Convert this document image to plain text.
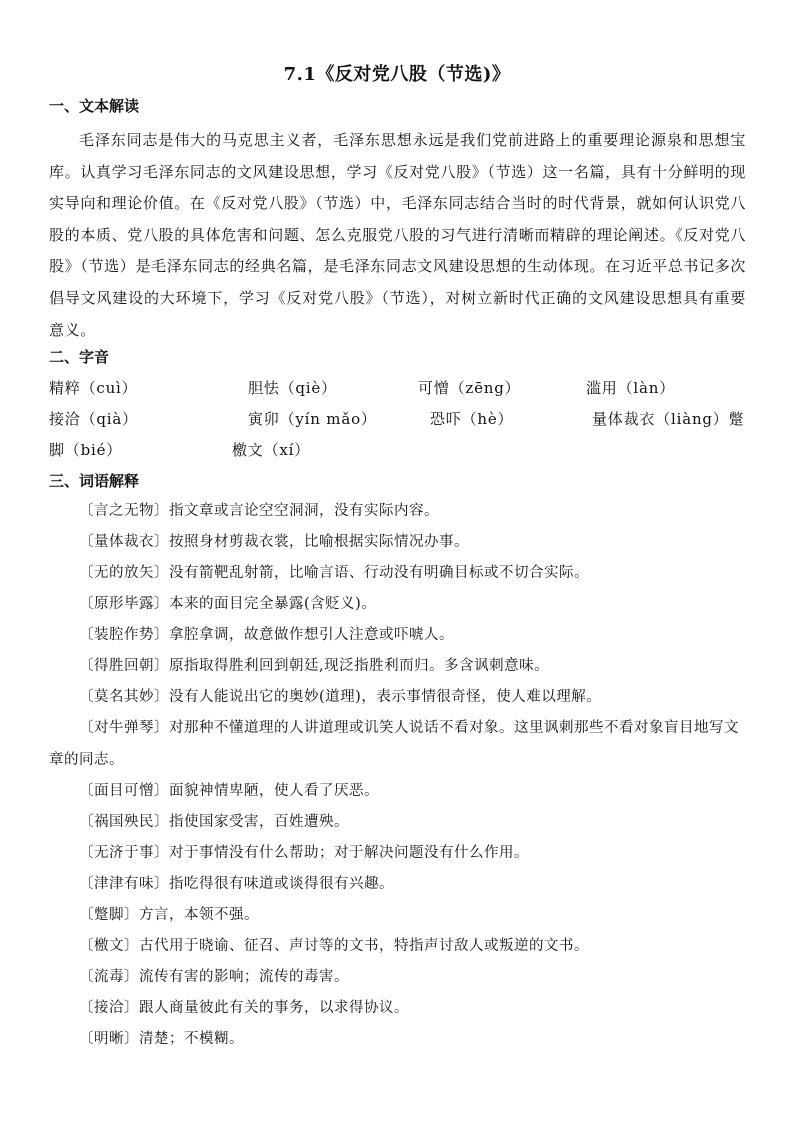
7.1《反对党八股（节选)》
一、文本解读
毛泽东同志是伟大的马克思主义者，毛泽东思想永远是我们党前进路上的重要理论源泉和思想宝库。认真学习毛泽东同志的文风建设思想，学习《反对党八股》（节选）这一名篇，具有十分鲜明的现实导向和理论价值。在《反对党八股》（节选）中，毛泽东同志结合当时的时代背景，就如何认识党八股的本质、党八股的具体危害和问题、怎么克服党八股的习气进行清晰而精辟的理论阐述。《反对党八股》（节选）是毛泽东同志的经典名篇，是毛泽东同志文风建设思想的生动体现。在习近平总书记多次倡导文风建设的大环境下，学习《反对党八股》（节选），对树立新时代正确的文风建设思想具有重要意义。
二、字音
精粹（cuì）	胆怯（qiè）	可憎（zēng）	滥用（làn）
接洽（qià）	寅卯（yín mǎo）	恐吓（hè）	量体裁衣（liàng）蹩
脚（bié）	檄文（xí）
三、词语解释
〔 言之无物 〕 指文章或言论空空洞洞，没有实际内容。
〔 量体裁衣 〕 按照身材剪裁衣裳，比喻根据实际情况办事。
〔 无的放矢 〕 没有箭靶乱射箭，比喻言语、行动没有明确目标或不切合实际。
〔 原形毕露 〕 本来的面目完全暴露(含贬义)。
〔 装腔作势 〕 拿腔拿调，故意做作想引人注意或吓唬人。
〔 得胜回朝 〕 原指取得胜利回到朝廷,现泛指胜利而归。多含讽刺意味。
〔 莫名其妙 〕 没有人能说出它的奥妙(道理)，表示事情很奇怪，使人难以理解。
〔 对牛弹琴 〕 对那种不懂道理的人讲道理或讥笑人说话不看对象。这里讽刺那些不看对象盲目地写文章的同志。
〔 面目可憎 〕 面貌神情卑陋，使人看了厌恶。
〔 祸国殃民 〕 指使国家受害，百姓遭殃。
〔 无济于事 〕 对于事情没有什么帮助；对于解决问题没有什么作用。
〔 津津有味 〕 指吃得很有味道或谈得很有兴趣。
〔 蹩脚 〕 方言，本领不强。
〔 檄文 〕 古代用于晓谕、征召、声讨等的文书，特指声讨敌人或叛逆的文书。
〔 流毒 〕 流传有害的影响；流传的毒害。
〔 接洽 〕 跟人商量彼此有关的事务，以求得协议。
〔 明晰 〕 清楚；不模糊。
